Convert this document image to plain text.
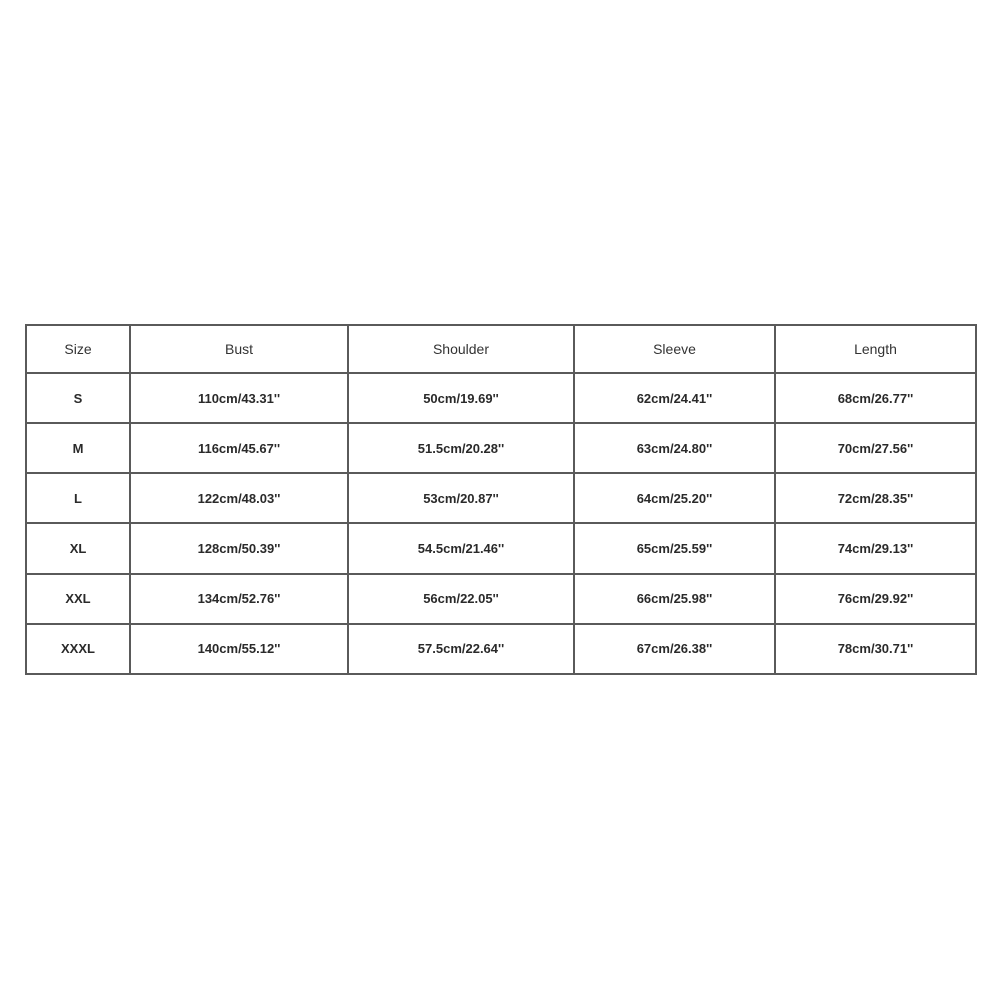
Size	Bust	Shoulder	Sleeve	Length
S	110cm/43.31''	50cm/19.69''	62cm/24.41''	68cm/26.77''
M	116cm/45.67''	51.5cm/20.28''	63cm/24.80''	70cm/27.56''
L	122cm/48.03''	53cm/20.87''	64cm/25.20''	72cm/28.35''
XL	128cm/50.39''	54.5cm/21.46''	65cm/25.59''	74cm/29.13''
XXL	134cm/52.76''	56cm/22.05''	66cm/25.98''	76cm/29.92''
XXXL	140cm/55.12''	57.5cm/22.64''	67cm/26.38''	78cm/30.71''
